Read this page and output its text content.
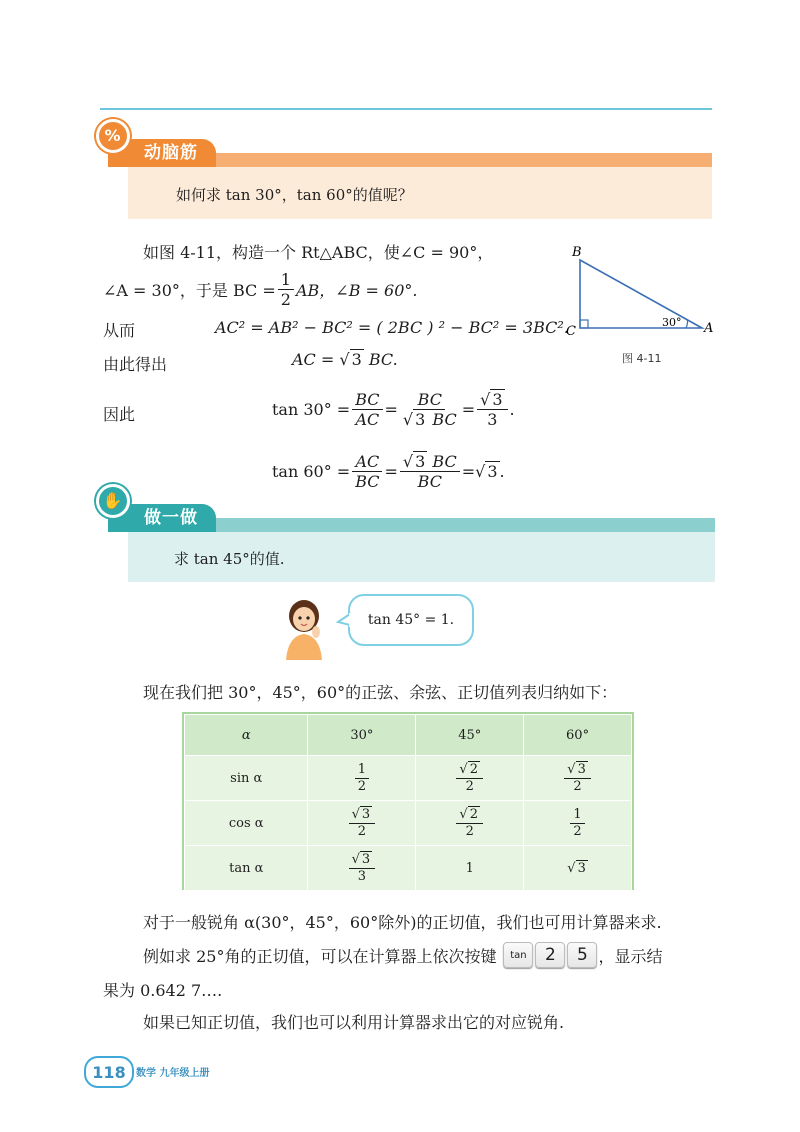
%
动脑筋
如何求 tan 30°，tan 60°的值呢？
如图 4-11，构造一个 Rt△ABC，使∠C = 90°，
∠A = 30°，于是 BC = $\frac{1}{2}$ AB，∠B = 60°.
从而	AC² = AB² − BC² = ( 2BC ) ² − BC² = 3BC².
由此得出	AC = √ 3 BC.
因此	$\tan 30^\circ = \frac{BC}{AC} = \frac{BC}{√ 3 BC} = \frac{√ 3}{3}$ .
$\tan 60^\circ = \frac{AC}{BC} = \frac{√ 3 BC}{BC}$ = √ 3 .
B
C	A
30°
图 4-11
✋
做一做
求 tan 45°的值.
tan 45° = 1.
现在我们把 30°，45°，60°的正弦、余弦、正切值列表归纳如下：
α	30°	45°	60°
sin α	$\frac{1}{2}$	$\frac{√ 2}{2}$	$\frac{√ 3}{2}$

cos α	$\frac{√ 3}{2}$	$\frac{√ 2}{2}$	$\frac{1}{2}$

tan α	$\frac{√ 3}{3}$	1	√ 3
对于一般锐角 α(30°，45°，60°除外)的正切值，我们也可用计算器来求.
例如求 25°角的正切值，可以在计算器上依次按键	tan	2	5 ，显示结
果为 0.642 7….
如果已知正切值，我们也可以利用计算器求出它的对应锐角.
118	数学 九年级上册
